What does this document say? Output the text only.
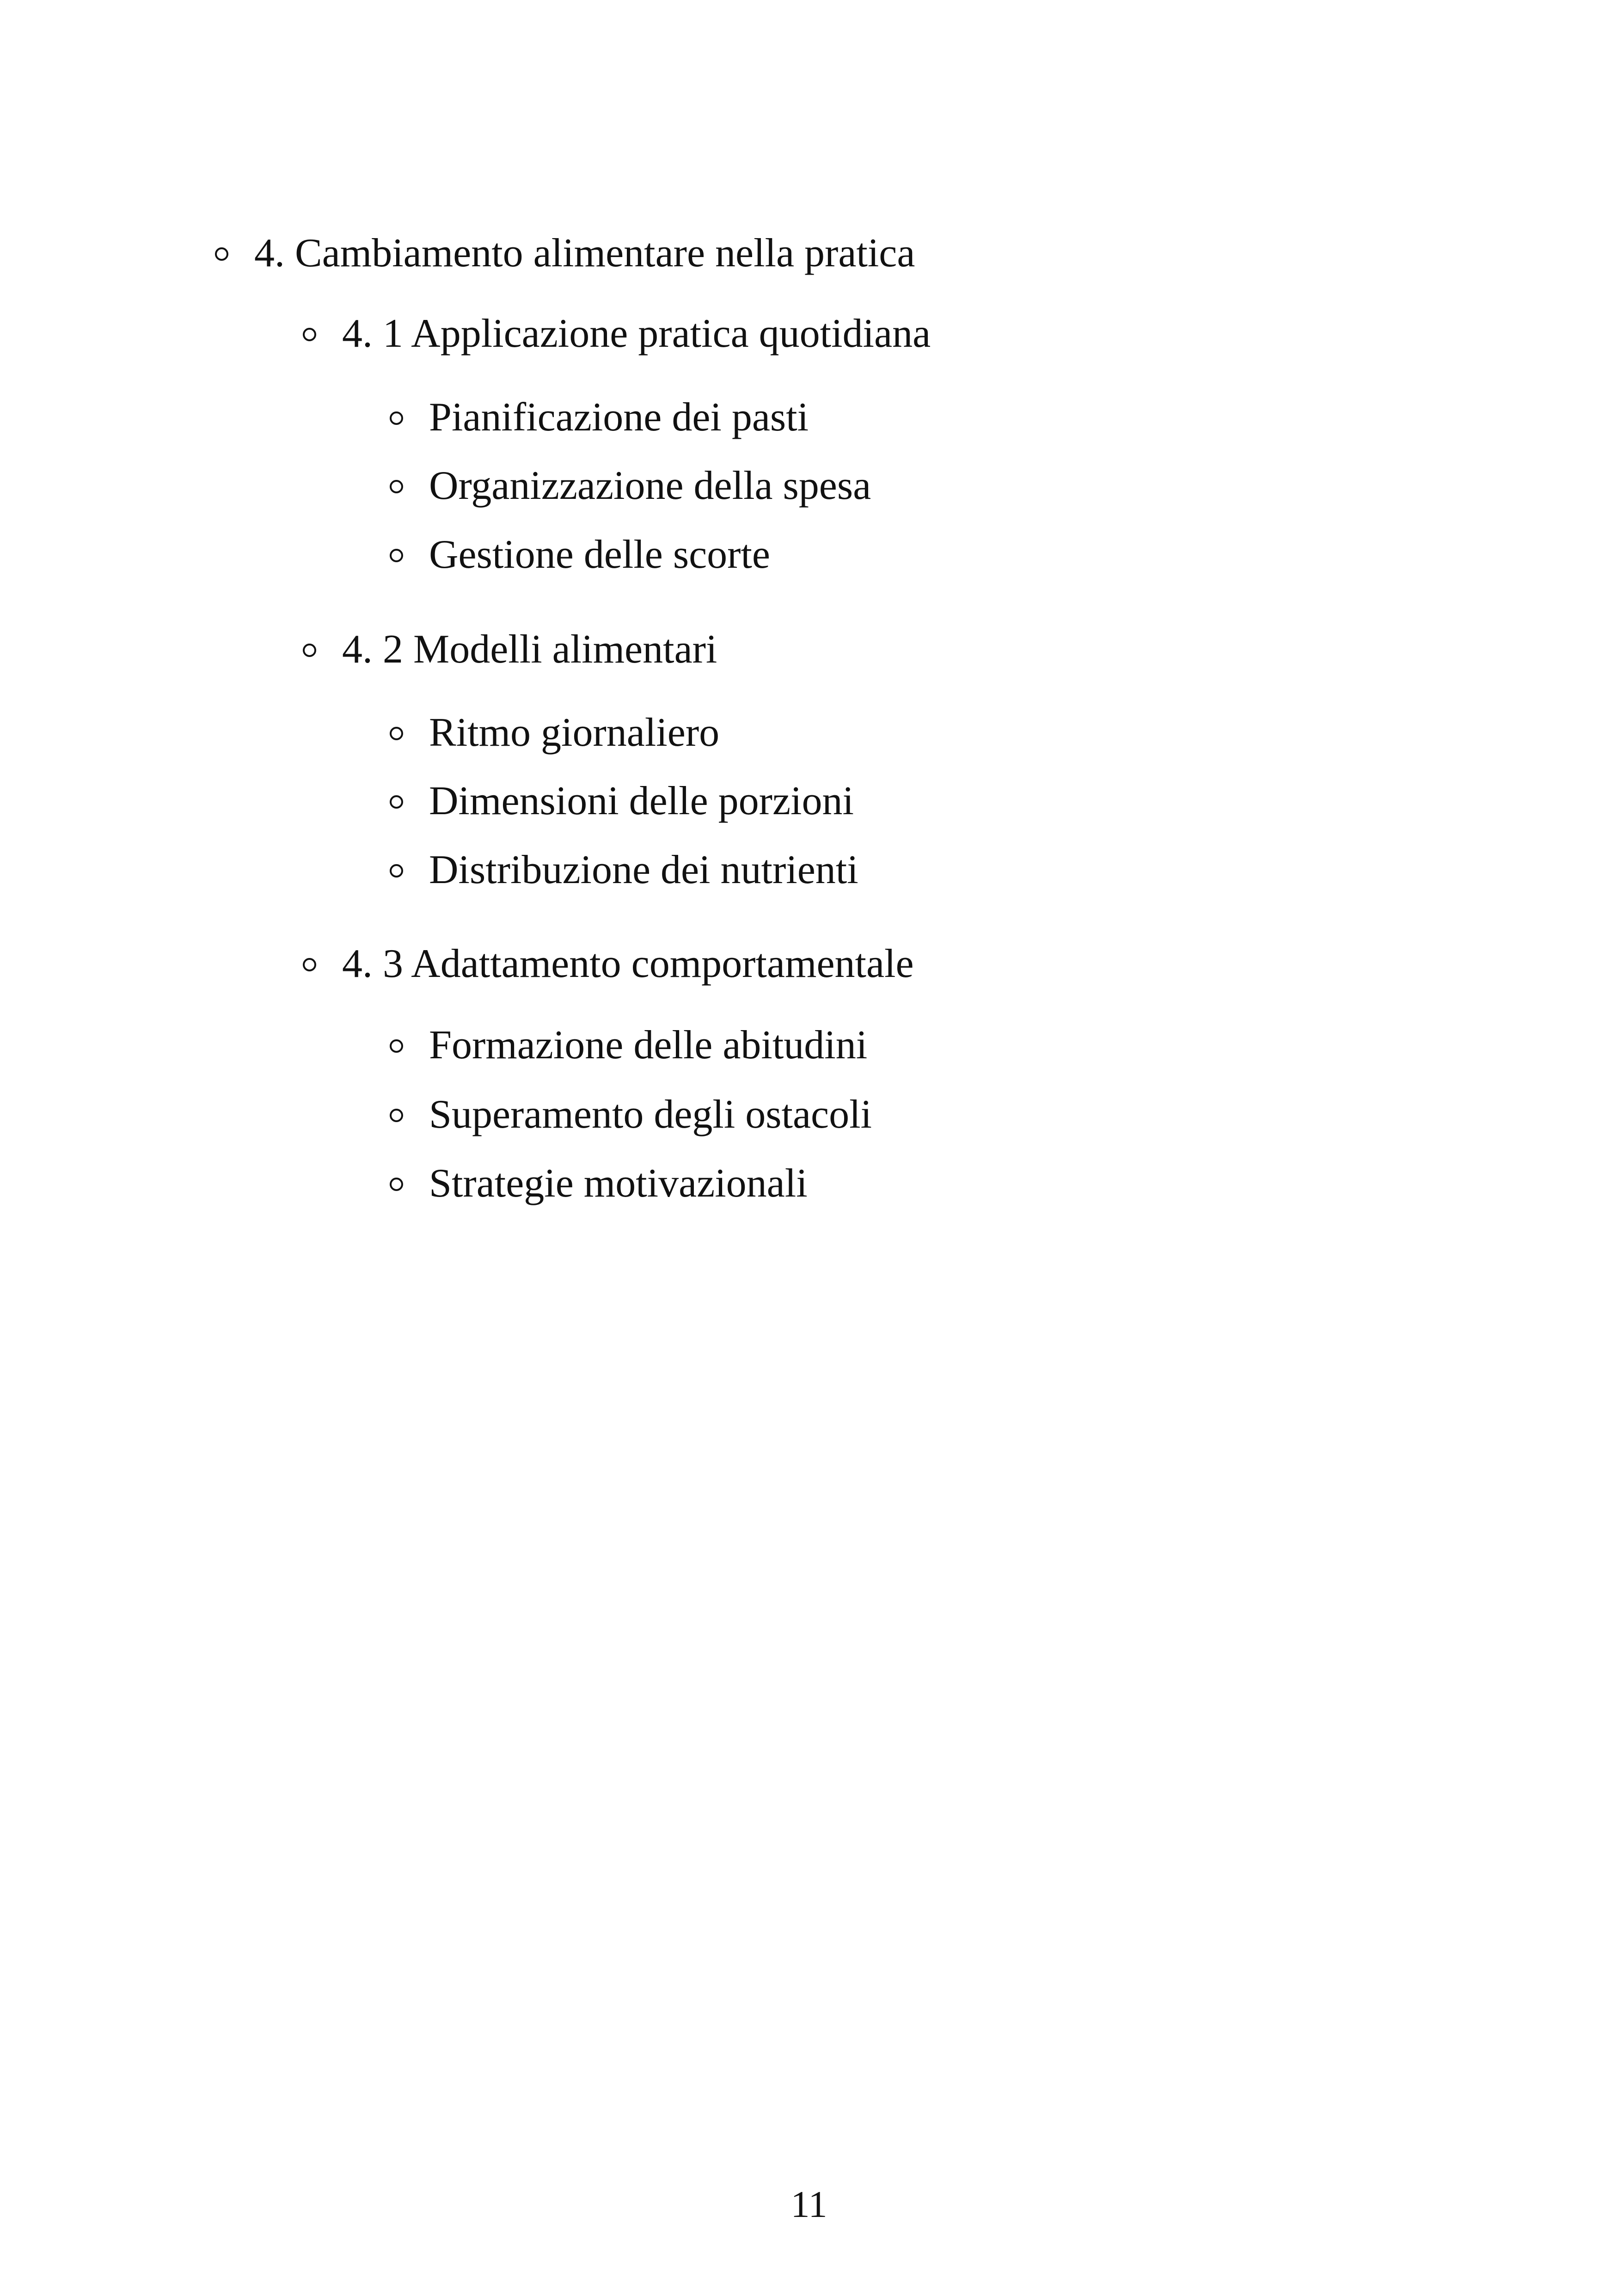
4. Cambiamento alimentare nella pratica
4. 1 Applicazione pratica quotidiana
Pianificazione dei pasti
Organizzazione della spesa
Gestione delle scorte
4. 2 Modelli alimentari
Ritmo giornaliero
Dimensioni delle porzioni
Distribuzione dei nutrienti
4. 3 Adattamento comportamentale
Formazione delle abitudini
Superamento degli ostacoli
Strategie motivazionali
11
